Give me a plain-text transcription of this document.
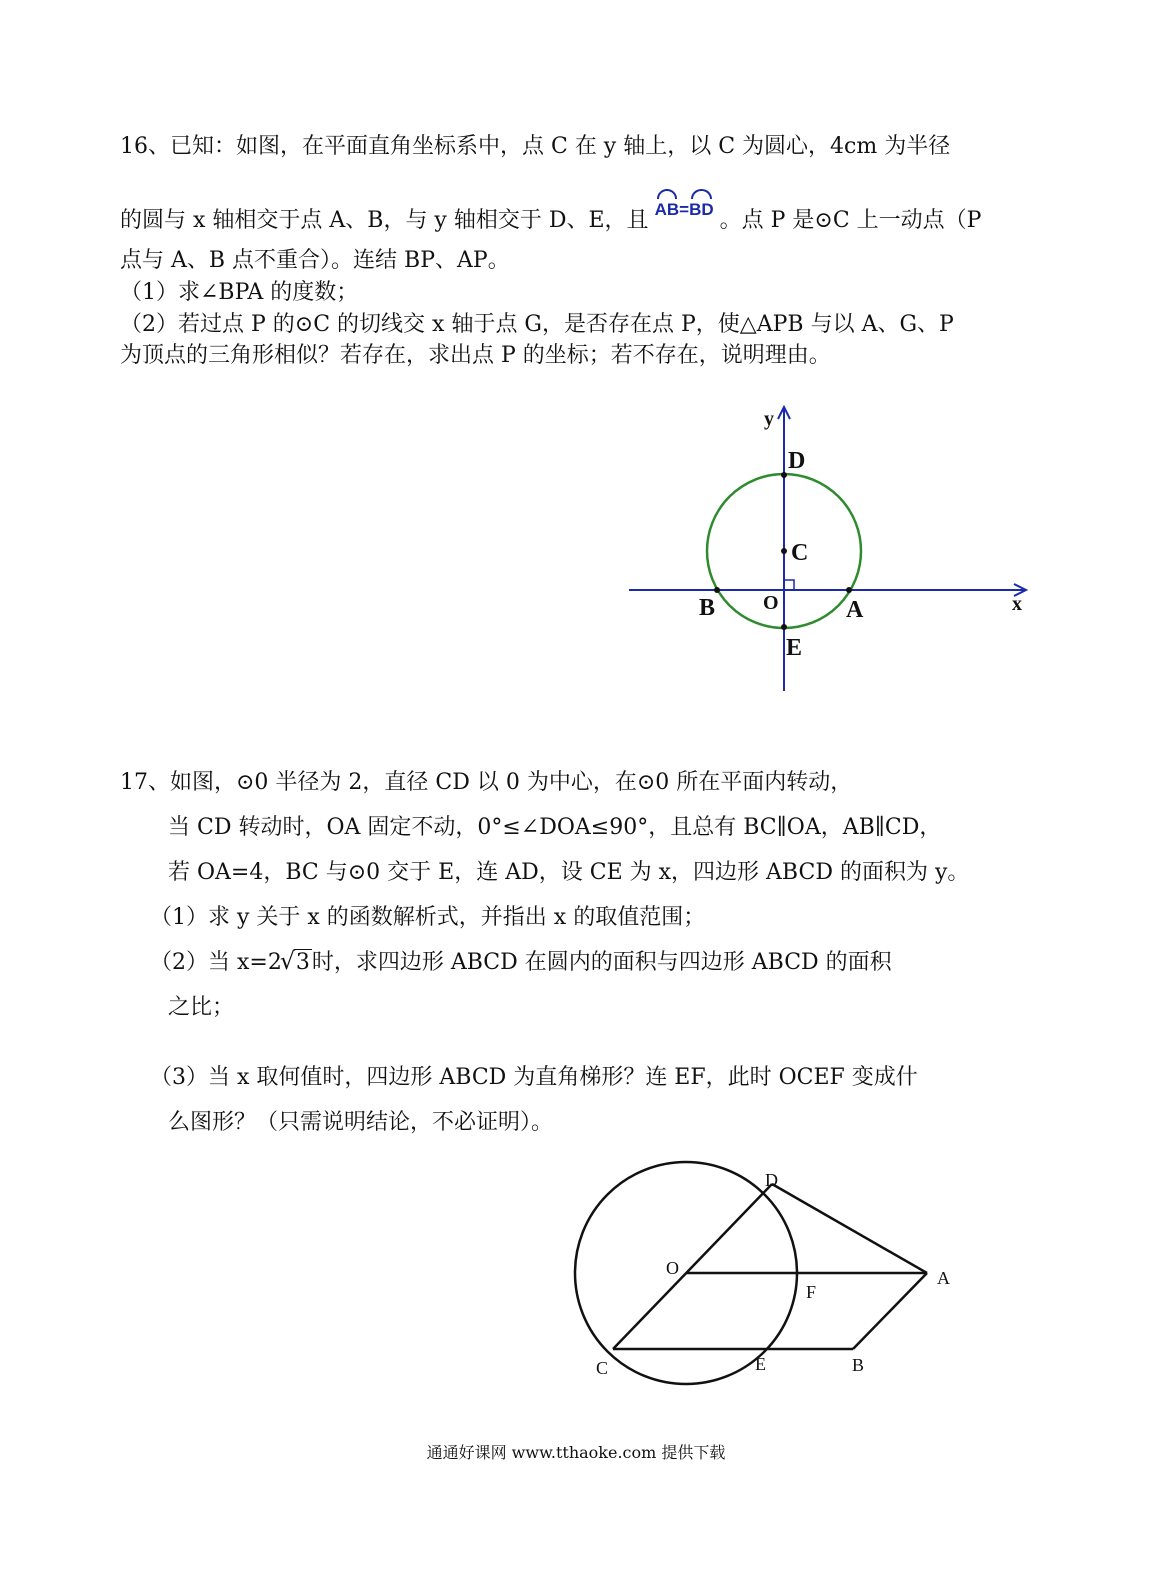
16、已知：如图，在平面直角坐标系中，点 C 在 y 轴上，以 C 为圆心，4cm 为半径
的圆与 x 轴相交于点 A、B，与 y 轴相交于 D、E，且 $^{AB=BD}$ 。点 P 是⊙C 上一动点（P
点与 A、B 点不重合）。连结 BP、AP。
（1）求∠BPA 的度数；
（2）若过点 P 的⊙C 的切线交 x 轴于点 G，是否存在点 P，使△APB 与以 A、G、P
为顶点的三角形相似？若存在，求出点 P 的坐标；若不存在，说明理由。
y
x
D
C
O
B	A
E
17、如图，⊙0 半径为 2，直径 CD 以 0 为中心，在⊙0 所在平面内转动，
当 CD 转动时，OA 固定不动，0°≤∠DOA≤90°，且总有 BC∥OA，AB∥CD，
若 OA=4，BC 与⊙0 交于 E，连 AD，设 CE 为 x，四边形 ABCD 的面积为 y。
（1）求 y 关于 x 的函数解析式，并指出 x 的取值范围；
（2）当 x=2√ 3时，求四边形 ABCD 在圆内的面积与四边形 ABCD 的面积
之比；
（3）当 x 取何值时，四边形 ABCD 为直角梯形？连 EF，此时 OCEF 变成什
么图形？（只需说明结论，不必证明）。
D
O
F
A
C	E	B
通通好课网 www.tthaoke.com 提供下载
